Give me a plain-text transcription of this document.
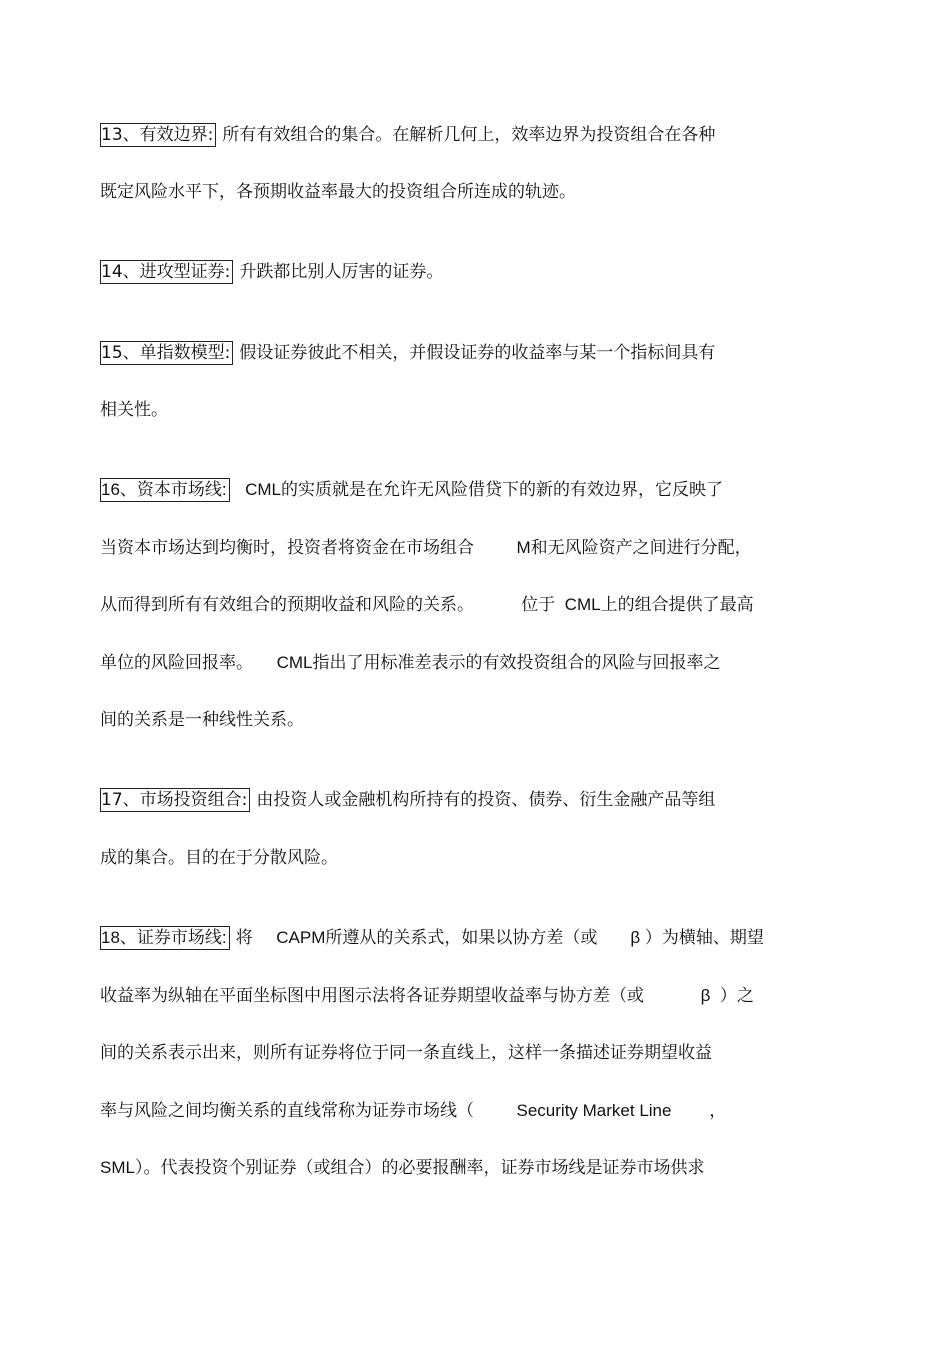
13、有效边界: 所有有效组合的集合。在解析几何上，效率边界为投资组合在各种
既定风险水平下，各预期收益率最大的投资组合所连成的轨迹。
14、进攻型证券: 升跌都比别人厉害的证券。
15、单指数模型: 假设证券彼此不相关，并假设证券的收益率与某一个指标间具有
相关性。
16、资本市场线:  CML的实质就是在允许无风险借贷下的新的有效边界，它反映了
当资本市场达到均衡时，投资者将资金在市场组合         M和无风险资产之间进行分配，
从而得到所有有效组合的预期收益和风险的关系。          位于  CML上的组合提供了最高
单位的风险回报率。     CML指出了用标准差表示的有效投资组合的风险与回报率之
间的关系是一种线性关系。
17、市场投资组合: 由投资人或金融机构所持有的投资、债券、衍生金融产品等组
成的集合。目的在于分散风险。
18、证券市场线: 将     CAPM所遵从的关系式，如果以协方差（或       β ）为横轴、期望
收益率为纵轴在平面坐标图中用图示法将各证券期望收益率与协方差（或            β  ）之
间的关系表示出来，则所有证券将位于同一条直线上，这样一条描述证券期望收益
率与风险之间均衡关系的直线常称为证券市场线（         Security Market Line        ，
SML）。代表投资个别证券（或组合）的必要报酬率，证券市场线是证券市场供求
